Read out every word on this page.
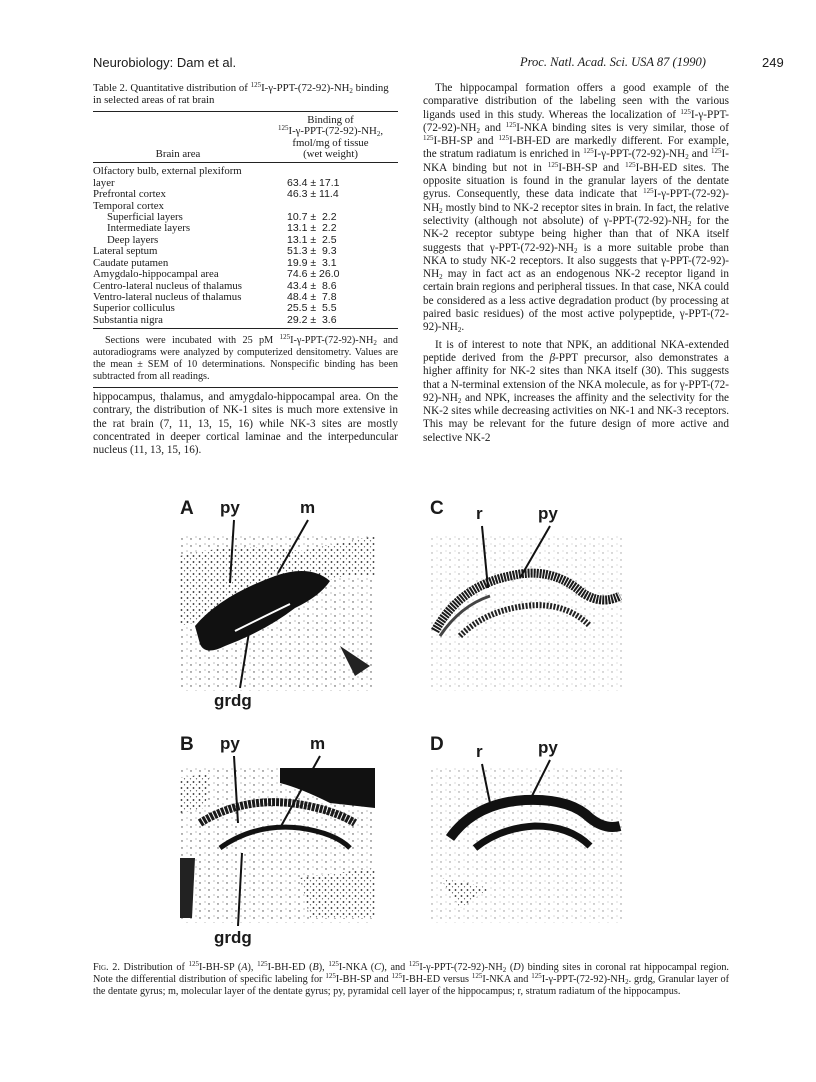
Neurobiology: Dam et al.	Proc. Natl. Acad. Sci. USA 87 (1990)	249

Table 2. Quantitative distribution of $^{125}I-\gamma-PPT-(72-92)-NH_2$ binding in selected areas of rat brain

Brain area	Binding of
$^{125}I-\gamma-PPT-(72-92)-NH_2$,
fmol/mg of tissue
(wet weight)

Olfactory bulb, external plexiform layer	63.4 ± 17.1
Prefrontal cortex	46.3 ± 11.4
Temporal cortex	
Superficial layers	10.7 ±  2.2
Intermediate layers	13.1 ±  2.2
Deep layers	13.1 ±  2.5
Lateral septum	51.3 ±  9.3
Caudate putamen	19.9 ±  3.1
Amygdalo-hippocampal area	74.6 ± 26.0
Centro-lateral nucleus of thalamus	43.4 ±  8.6
Ventro-lateral nucleus of thalamus	48.4 ±  7.8
Superior colliculus	25.5 ±  5.5
Substantia nigra	29.2 ±  3.6

Sections were incubated with 25 pM $^{125}I-\gamma-PPT-(72-92)-NH_2$ and autoradiograms were analyzed by computerized densitometry. Values are the mean ± SEM of 10 determinations. Nonspecific binding has been subtracted from all readings.

hippocampus, thalamus, and amygdalo-hippocampal area. On the contrary, the distribution of NK-1 sites is much more extensive in the rat brain (7, 11, 13, 15, 16) while NK-3 sites are mostly concentrated in deeper cortical laminae and the interpeduncular nucleus (11, 13, 15, 16).

The hippocampal formation offers a good example of the comparative distribution of the labeling seen with the various ligands used in this study. Whereas the localization of $^{125}I-\gamma-PPT-(72-92)-NH_2$ and $^{125}$I-NKA binding sites is very similar, those of $^{125}$I-BH-SP and $^{125}$I-BH-ED are markedly different. For example, the stratum radiatum is enriched in $^{125}I-\gamma-PPT-(72-92)-NH_2$ and $^{125}$I-NKA binding but not in $^{125}$I-BH-SP and $^{125}$I-BH-ED sites. The opposite situation is found in the granular layers of the dentate gyrus. Consequently, these data indicate that $^{125}I-\gamma-PPT-(72-92)-NH_2$ mostly bind to NK-2 receptor sites in brain. In fact, the relative selectivity (although not absolute) of $\gamma-PPT-(72-92)-NH_2$ for the NK-2 receptor subtype being higher than that of NKA itself suggests that $\gamma-PPT-(72-92)-NH_2$ is a more suitable probe than NKA to study NK-2 receptors. It also suggests that $\gamma-PPT-(72-92)-NH_2$ may in fact act as an endogenous NK-2 receptor ligand in certain brain regions and peripheral tissues. In that case, NKA could be considered as a less active degradation product (by processing at paired basic residues) of the most active polypeptide, $\gamma-PPT-(72-92)-NH_2$.

It is of interest to note that NPK, an additional NKA-extended peptide derived from the β-PPT precursor, also demonstrates a higher affinity for NK-2 sites than NKA itself (30). This suggests that a N-terminal extension of the NKA molecule, as for $\gamma-PPT-(72-92)-NH_2$ and NPK, increases the affinity and the selectivity for the NK-2 sites while decreasing activities on NK-1 and NK-3 receptors. This may be relevant for the future design of more active and selective NK-2

A
B
C
D
py	m
grdg
py	m
grdg
r	py
r	py
Fig. 2. Distribution of $^{125}$I-BH-SP (A), $^{125}$I-BH-ED (B), $^{125}$I-NKA (C), and $^{125}I-\gamma-PPT-(72-92)-NH_2$ (D) binding sites in coronal rat hippocampal region. Note the differential distribution of specific labeling for $^{125}$I-BH-SP and $^{125}$I-BH-ED versus $^{125}$I-NKA and $^{125}I-\gamma-PPT-(72-92)-NH_2$. grdg, Granular layer of the dentate gyrus; m, molecular layer of the dentate gyrus; py, pyramidal cell layer of the hippocampus; r, stratum radiatum of the hippocampus.
